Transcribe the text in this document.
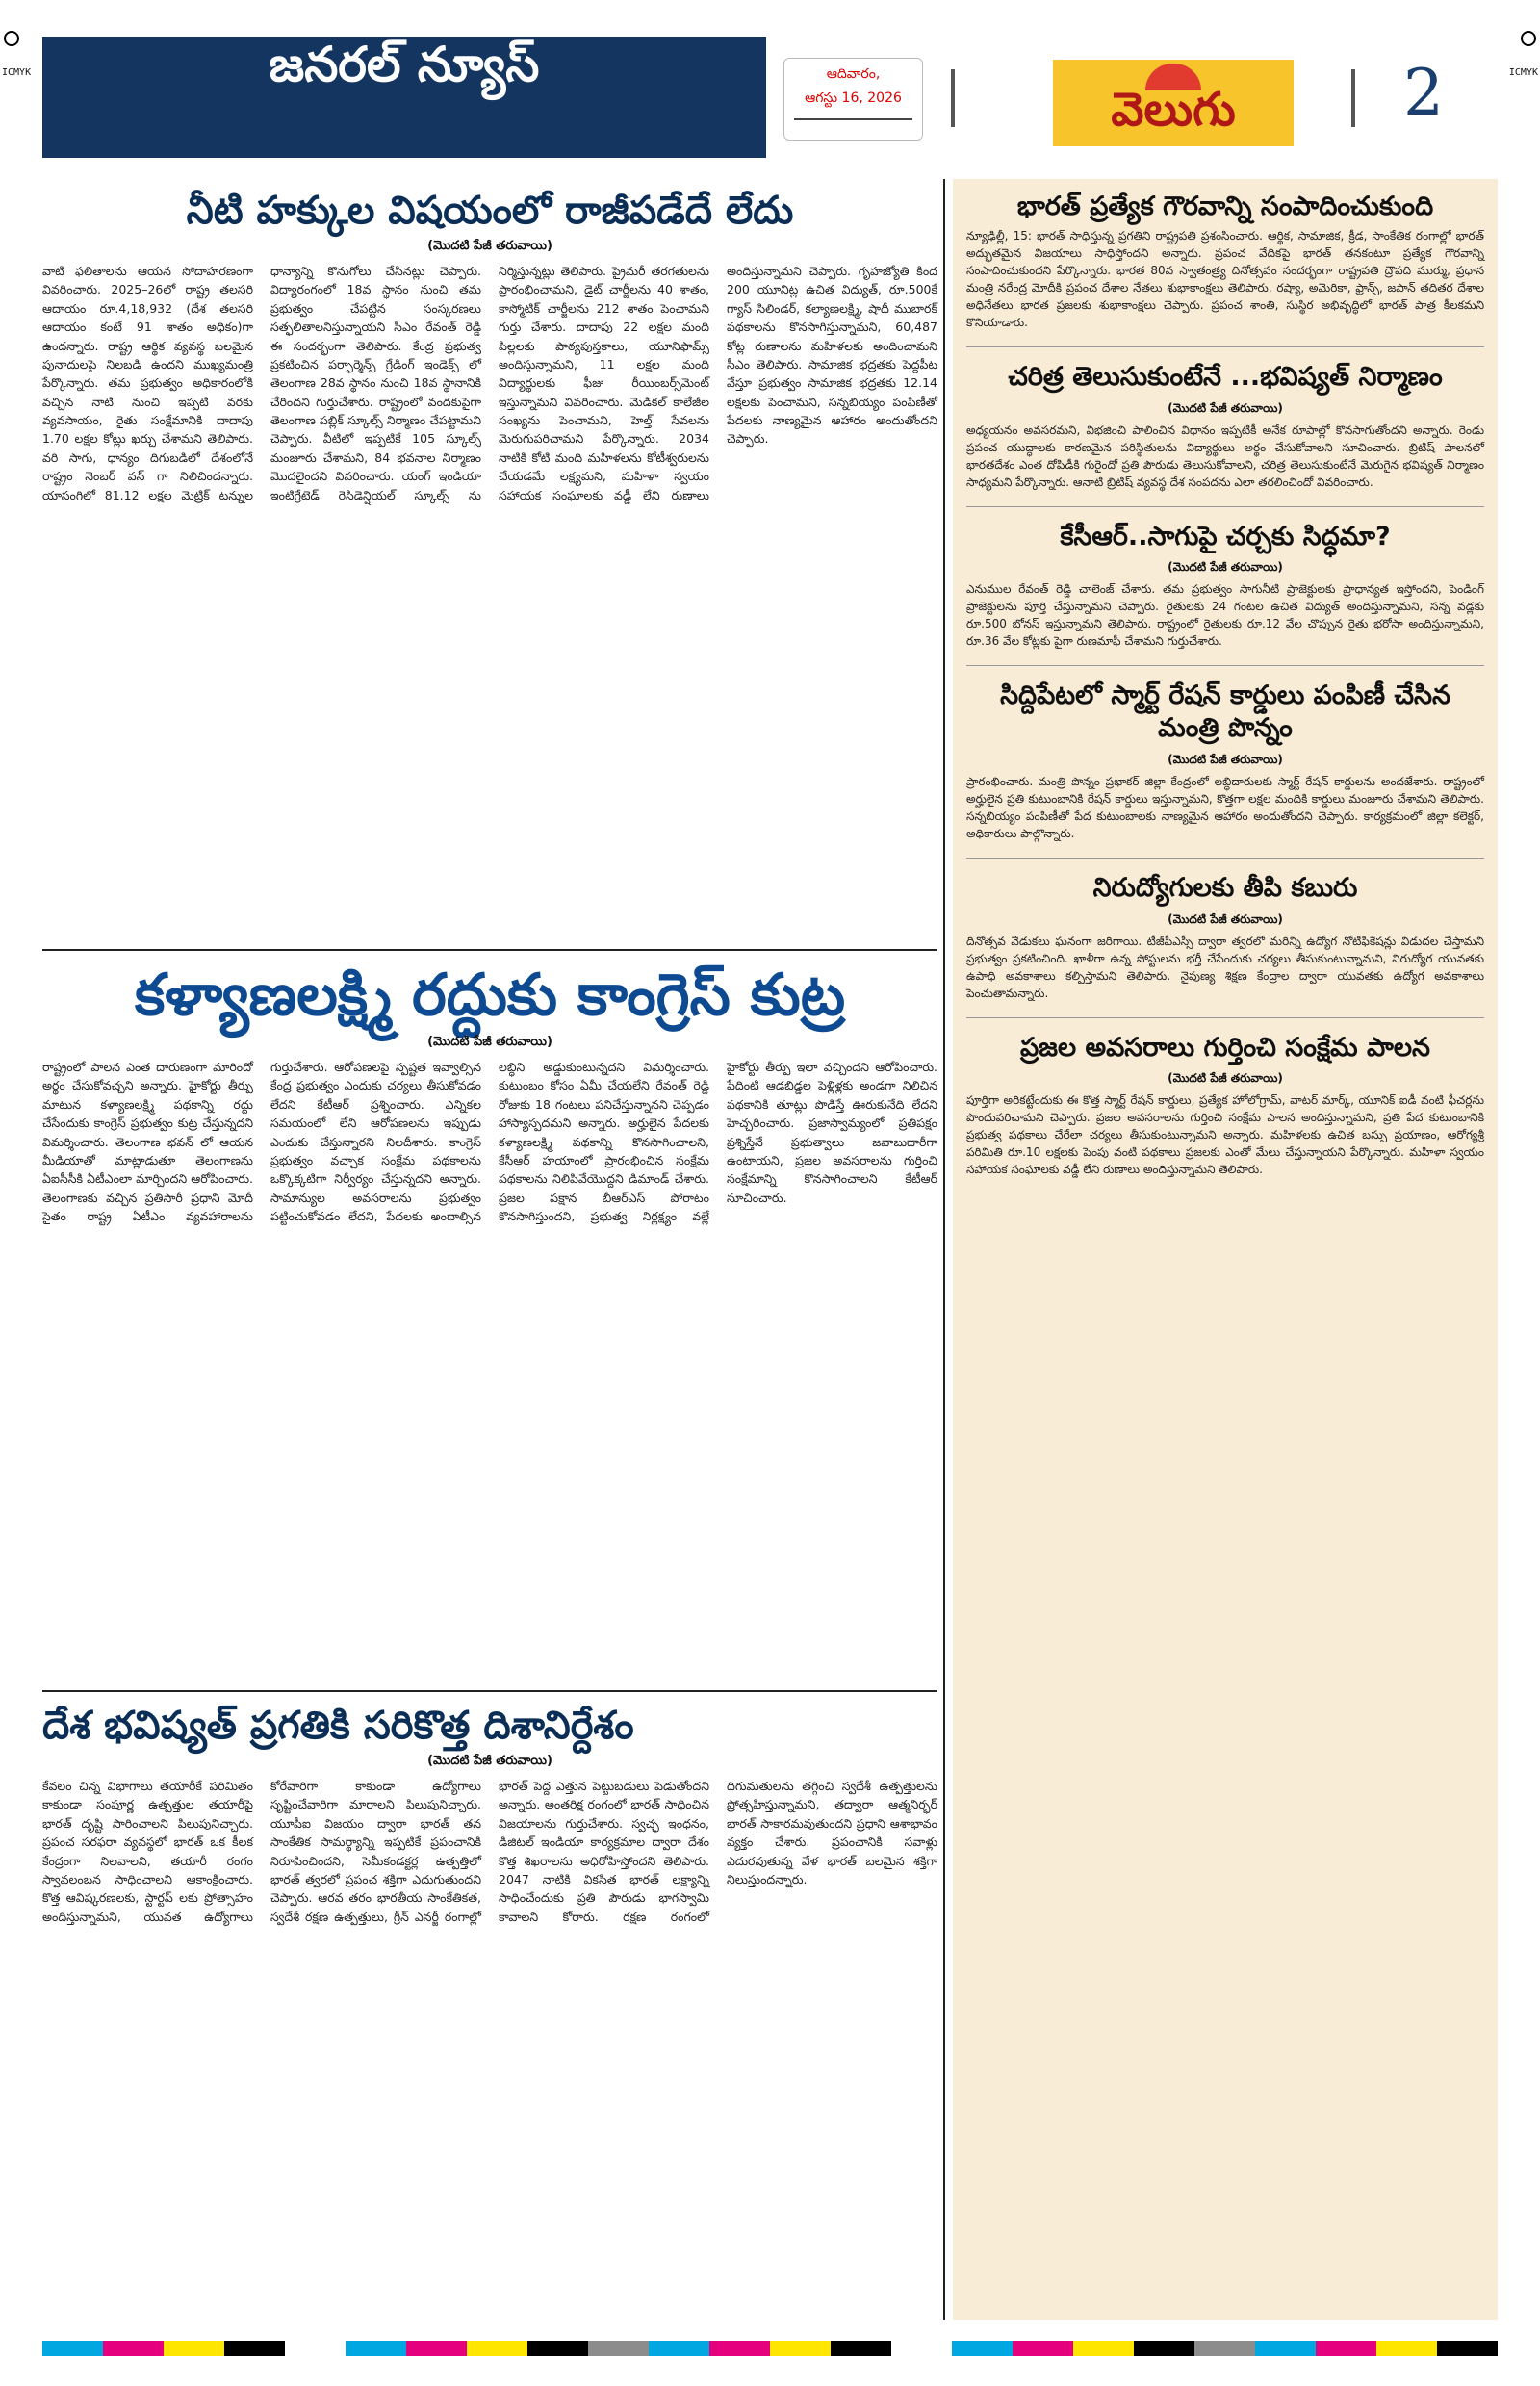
ICMYK	ICMYK
జనరల్ న్యూస్	ఆదివారం,
ఆగస్టు 16, 2026	వెలుగు	2
నీటి హక్కుల విషయంలో రాజీపడేదే లేదు
(మొదటి పేజీ తరువాయి)

వాటి ఫలితాలను ఆయన సోదాహరణంగా వివరించారు. 2025–26లో రాష్ట్ర తలసరి ఆదాయం రూ.4,18,932 (దేశ తలసరి ఆదాయం కంటే 91 శాతం అధికం)గా ఉందన్నారు. రాష్ట్ర ఆర్థిక వ్యవస్థ బలమైన పునాదులపై నిలబడి ఉందని ముఖ్యమంత్రి పేర్కొన్నారు. తమ ప్రభుత్వం అధికారంలోకి వచ్చిన నాటి నుంచి ఇప్పటి వరకు వ్యవసాయం, రైతు సంక్షేమానికి దాదాపు 1.70 లక్షల కోట్లు ఖర్చు చేశామని తెలిపారు. వరి సాగు, ధాన్యం దిగుబడిలో దేశంలోనే రాష్ట్రం నెంబర్ వన్ గా నిలిచిందన్నారు. యాసంగిలో 81.12 లక్షల మెట్రిక్ టన్నుల ధాన్యాన్ని కొనుగోలు చేసినట్లు చెప్పారు. విద్యారంగంలో 18వ స్థానం నుంచి తమ ప్రభుత్వం చేపట్టిన సంస్కరణలు సత్ఫలితాలనిస్తున్నాయని సీఎం రేవంత్ రెడ్డి ఈ సందర్భంగా తెలిపారు. కేంద్ర ప్రభుత్వ ప్రకటించిన పర్ఫార్మెన్స్ గ్రేడింగ్ ఇండెక్స్ లో తెలంగాణ 28వ స్థానం నుంచి 18వ స్థానానికి చేరిందని గుర్తుచేశారు. రాష్ట్రంలో వందకుపైగా తెలంగాణ పబ్లిక్ స్కూల్స్ నిర్మాణం చేపట్టామని చెప్పారు. వీటిలో ఇప్పటికే 105 స్కూల్స్ మంజూరు చేశామని, 84 భవనాల నిర్మాణం మొదలైందని వివరించారు. యంగ్ ఇండియా ఇంటిగ్రేటెడ్ రెసిడెన్షియల్ స్కూల్స్ ను నిర్మిస్తున్నట్లు తెలిపారు. ప్రైమరీ తరగతులను ప్రారంభించామని, డైట్ చార్జీలను 40 శాతం, కాస్మోటిక్ చార్జీలను 212 శాతం పెంచామని గుర్తు చేశారు. దాదాపు 22 లక్షల మంది పిల్లలకు పాఠ్యపుస్తకాలు, యూనిఫామ్స్ అందిస్తున్నామని, 11 లక్షల మంది విద్యార్థులకు ఫీజు రీయింబర్స్‌మెంట్ ఇస్తున్నామని వివరించారు. మెడికల్ కాలేజీల సంఖ్యను పెంచామని, హెల్త్ సేవలను మెరుగుపరిచామని పేర్కొన్నారు. 2034 నాటికి కోటి మంది మహిళలను కోటీశ్వరులను చేయడమే లక్ష్యమని, మహిళా స్వయం సహాయక సంఘాలకు వడ్డీ లేని రుణాలు అందిస్తున్నామని చెప్పారు. గృహజ్యోతి కింద 200 యూనిట్ల ఉచిత విద్యుత్, రూ.500కే గ్యాస్ సిలిండర్, కల్యాణలక్ష్మి, షాదీ ముబారక్ పథకాలను కొనసాగిస్తున్నామని, 60,487 కోట్ల రుణాలను మహిళలకు అందించామని సీఎం తెలిపారు. సామాజిక భద్రతకు పెద్దపీట వేస్తూ ప్రభుత్వం సామాజిక భద్రతకు 12.14 లక్షలకు పెంచామని, సన్నబియ్యం పంపిణీతో పేదలకు నాణ్యమైన ఆహారం అందుతోందని చెప్పారు.

కళ్యాణలక్ష్మి రద్దుకు కాంగ్రెస్ కుట్ర
(మొదటి పేజీ తరువాయి)

రాష్ట్రంలో పాలన ఎంత దారుణంగా మారిందో అర్థం చేసుకోవచ్చని అన్నారు. హైకోర్టు తీర్పు మాటున కళ్యాణలక్ష్మి పథకాన్ని రద్దు చేసేందుకు కాంగ్రెస్ ప్రభుత్వం కుట్ర చేస్తున్నదని విమర్శించారు. తెలంగాణ భవన్ లో ఆయన మీడియాతో మాట్లాడుతూ తెలంగాణను ఏఐసీసీకి ఏటీఎంలా మార్చిందని ఆరోపించారు. తెలంగాణకు వచ్చిన ప్రతిసారీ ప్రధాని మోదీ సైతం రాష్ట్ర ఏటీఎం వ్యవహారాలను గుర్తుచేశారు. ఆరోపణలపై స్పష్టత ఇవ్వాల్సిన కేంద్ర ప్రభుత్వం ఎందుకు చర్యలు తీసుకోవడం లేదని కేటీఆర్ ప్రశ్నించారు. ఎన్నికల సమయంలో లేని ఆరోపణలను ఇప్పుడు ఎందుకు చేస్తున్నారని నిలదీశారు. కాంగ్రెస్ ప్రభుత్వం వచ్చాక సంక్షేమ పథకాలను ఒక్కొక్కటిగా నిర్వీర్యం చేస్తున్నదని అన్నారు. సామాన్యుల అవసరాలను ప్రభుత్వం పట్టించుకోవడం లేదని, పేదలకు అందాల్సిన లబ్ధిని అడ్డుకుంటున్నదని విమర్శించారు. కుటుంబం కోసం ఏమీ చేయలేని రేవంత్ రెడ్డి రోజుకు 18 గంటలు పనిచేస్తున్నానని చెప్పడం హాస్యాస్పదమని అన్నారు. అర్హులైన పేదలకు కళ్యాణలక్ష్మి పథకాన్ని కొనసాగించాలని, కేసీఆర్ హయాంలో ప్రారంభించిన సంక్షేమ పథకాలను నిలిపివేయొద్దని డిమాండ్ చేశారు. ప్రజల పక్షాన బీఆర్ఎస్ పోరాటం కొనసాగిస్తుందని, ప్రభుత్వ నిర్లక్ష్యం వల్లే హైకోర్టు తీర్పు ఇలా వచ్చిందని ఆరోపించారు. పేదింటి ఆడబిడ్డల పెళ్లిళ్లకు అండగా నిలిచిన పథకానికి తూట్లు పొడిస్తే ఊరుకునేది లేదని హెచ్చరించారు. ప్రజాస్వామ్యంలో ప్రతిపక్షం ప్రశ్నిస్తేనే ప్రభుత్వాలు జవాబుదారీగా ఉంటాయని, ప్రజల అవసరాలను గుర్తించి సంక్షేమాన్ని కొనసాగించాలని కేటీఆర్ సూచించారు.

దేశ భవిష్యత్ ప్రగతికి సరికొత్త దిశానిర్దేశం
(మొదటి పేజీ తరువాయి)

కేవలం చిన్న విభాగాలు తయారీకే పరిమితం కాకుండా సంపూర్ణ ఉత్పత్తుల తయారీపై భారత్ దృష్టి సారించాలని పిలుపునిచ్చారు. ప్రపంచ సరఫరా వ్యవస్థలో భారత్ ఒక కీలక కేంద్రంగా నిలవాలని, తయారీ రంగం స్వావలంబన సాధించాలని ఆకాంక్షించారు. కొత్త ఆవిష్కరణలకు, స్టార్టప్ లకు ప్రోత్సాహం అందిస్తున్నామని, యువత ఉద్యోగాలు కోరేవారిగా కాకుండా ఉద్యోగాలు సృష్టించేవారిగా మారాలని పిలుపునిచ్చారు. యూపీఐ విజయం ద్వారా భారత్ తన సాంకేతిక సామర్థ్యాన్ని ఇప్పటికే ప్రపంచానికి నిరూపించిందని, సెమీకండక్టర్ల ఉత్పత్తిలో భారత్ త్వరలో ప్రపంచ శక్తిగా ఎదుగుతుందని చెప్పారు. ఆరవ తరం భారతీయ సాంకేతికత, స్వదేశీ రక్షణ ఉత్పత్తులు, గ్రీన్ ఎనర్జీ రంగాల్లో భారత్ పెద్ద ఎత్తున పెట్టుబడులు పెడుతోందని అన్నారు. అంతరిక్ష రంగంలో భారత్ సాధించిన విజయాలను గుర్తుచేశారు. స్వచ్ఛ ఇంధనం, డిజిటల్ ఇండియా కార్యక్రమాల ద్వారా దేశం కొత్త శిఖరాలను అధిరోహిస్తోందని తెలిపారు. 2047 నాటికి వికసిత భారత్ లక్ష్యాన్ని సాధించేందుకు ప్రతి పౌరుడు భాగస్వామి కావాలని కోరారు. రక్షణ రంగంలో దిగుమతులను తగ్గించి స్వదేశీ ఉత్పత్తులను ప్రోత్సహిస్తున్నామని, తద్వారా ఆత్మనిర్భర్ భారత్ సాకారమవుతుందని ప్రధాని ఆశాభావం వ్యక్తం చేశారు. ప్రపంచానికి సవాళ్లు ఎదురవుతున్న వేళ భారత్ బలమైన శక్తిగా నిలుస్తుందన్నారు.

భారత్ ప్రత్యేక గౌరవాన్ని సంపాదించుకుంది

న్యూఢిల్లీ, 15: భారత్ సాధిస్తున్న ప్రగతిని రాష్ట్రపతి ప్రశంసించారు. ఆర్థిక, సామాజిక, క్రీడ, సాంకేతిక రంగాల్లో భారత్ అద్భుతమైన విజయాలు సాధిస్తోందని అన్నారు. ప్రపంచ వేదికపై భారత్ తనకంటూ ప్రత్యేక గౌరవాన్ని సంపాదించుకుందని పేర్కొన్నారు. భారత 80వ స్వాతంత్ర్య దినోత్సవం సందర్భంగా రాష్ట్రపతి ద్రౌపది ముర్ము, ప్రధాన మంత్రి నరేంద్ర మోదీకి ప్రపంచ దేశాల నేతలు శుభాకాంక్షలు తెలిపారు. రష్యా, అమెరికా, ఫ్రాన్స్, జపాన్ తదితర దేశాల అధినేతలు భారత ప్రజలకు శుభాకాంక్షలు చెప్పారు. ప్రపంచ శాంతి, సుస్థిర అభివృద్ధిలో భారత్ పాత్ర కీలకమని కొనియాడారు.

చరిత్ర తెలుసుకుంటేనే ...భవిష్యత్ నిర్మాణం
(మొదటి పేజీ తరువాయి)

అధ్యయనం అవసరమని, విభజించి పాలించిన విధానం ఇప్పటికీ అనేక రూపాల్లో కొనసాగుతోందని అన్నారు. రెండు ప్రపంచ యుద్ధాలకు కారణమైన పరిస్థితులను విద్యార్థులు అర్థం చేసుకోవాలని సూచించారు. బ్రిటిష్ పాలనలో భారతదేశం ఎంత దోపిడీకి గురైందో ప్రతి పౌరుడు తెలుసుకోవాలని, చరిత్ర తెలుసుకుంటేనే మెరుగైన భవిష్యత్ నిర్మాణం సాధ్యమని పేర్కొన్నారు. ఆనాటి బ్రిటిష్ వ్యవస్థ దేశ సంపదను ఎలా తరలించిందో వివరించారు.

కేసీఆర్..సాగుపై చర్చకు సిద్ధమా?
(మొదటి పేజీ తరువాయి)

ఎనుముల రేవంత్ రెడ్డి చాలెంజ్ చేశారు. తమ ప్రభుత్వం సాగునీటి ప్రాజెక్టులకు ప్రాధాన్యత ఇస్తోందని, పెండింగ్ ప్రాజెక్టులను పూర్తి చేస్తున్నామని చెప్పారు. రైతులకు 24 గంటల ఉచిత విద్యుత్ అందిస్తున్నామని, సన్న వడ్లకు రూ.500 బోనస్ ఇస్తున్నామని తెలిపారు. రాష్ట్రంలో రైతులకు రూ.12 వేల చొప్పున రైతు భరోసా అందిస్తున్నామని, రూ.36 వేల కోట్లకు పైగా రుణమాఫీ చేశామని గుర్తుచేశారు.

సిద్దిపేటలో స్మార్ట్ రేషన్ కార్డులు పంపిణీ చేసిన మంత్రి పొన్నం
(మొదటి పేజీ తరువాయి)

ప్రారంభించారు. మంత్రి పొన్నం ప్రభాకర్ జిల్లా కేంద్రంలో లబ్ధిదారులకు స్మార్ట్ రేషన్ కార్డులను అందజేశారు. రాష్ట్రంలో అర్హులైన ప్రతి కుటుంబానికి రేషన్ కార్డులు ఇస్తున్నామని, కొత్తగా లక్షల మందికి కార్డులు మంజూరు చేశామని తెలిపారు. సన్నబియ్యం పంపిణీతో పేద కుటుంబాలకు నాణ్యమైన ఆహారం అందుతోందని చెప్పారు. కార్యక్రమంలో జిల్లా కలెక్టర్, అధికారులు పాల్గొన్నారు.

నిరుద్యోగులకు తీపి కబురు
(మొదటి పేజీ తరువాయి)

దినోత్సవ వేడుకలు ఘనంగా జరిగాయి. టీజీపీఎస్సీ ద్వారా త్వరలో మరిన్ని ఉద్యోగ నోటిఫికేషన్లు విడుదల చేస్తామని ప్రభుత్వం ప్రకటించింది. ఖాళీగా ఉన్న పోస్టులను భర్తీ చేసేందుకు చర్యలు తీసుకుంటున్నామని, నిరుద్యోగ యువతకు ఉపాధి అవకాశాలు కల్పిస్తామని తెలిపారు. నైపుణ్య శిక్షణ కేంద్రాల ద్వారా యువతకు ఉద్యోగ అవకాశాలు పెంచుతామన్నారు.

ప్రజల అవసరాలు గుర్తించి సంక్షేమ పాలన
(మొదటి పేజీ తరువాయి)

పూర్తిగా అరికట్టేందుకు ఈ కొత్త స్మార్ట్ రేషన్ కార్డులు, ప్రత్యేక హోలోగ్రామ్, వాటర్ మార్క్, యూనిక్ ఐడీ వంటి ఫీచర్లను పొందుపరిచామని చెప్పారు. ప్రజల అవసరాలను గుర్తించి సంక్షేమ పాలన అందిస్తున్నామని, ప్రతి పేద కుటుంబానికి ప్రభుత్వ పథకాలు చేరేలా చర్యలు తీసుకుంటున్నామని అన్నారు. మహిళలకు ఉచిత బస్సు ప్రయాణం, ఆరోగ్యశ్రీ పరిమితి రూ.10 లక్షలకు పెంపు వంటి పథకాలు ప్రజలకు ఎంతో మేలు చేస్తున్నాయని పేర్కొన్నారు. మహిళా స్వయం సహాయక సంఘాలకు వడ్డీ లేని రుణాలు అందిస్తున్నామని తెలిపారు.
